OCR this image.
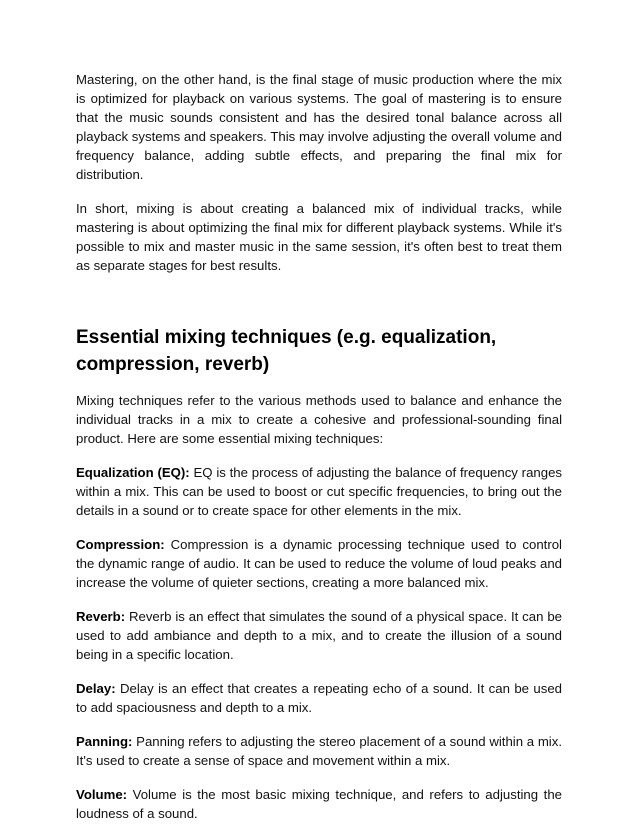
Mastering, on the other hand, is the final stage of music production where the mix is optimized for playback on various systems. The goal of mastering is to ensure that the music sounds consistent and has the desired tonal balance across all playback systems and speakers. This may involve adjusting the overall volume and frequency balance, adding subtle effects, and preparing the final mix for distribution.

In short, mixing is about creating a balanced mix of individual tracks, while mastering is about optimizing the final mix for different playback systems. While it's possible to mix and master music in the same session, it's often best to treat them as separate stages for best results.

Essential mixing techniques (e.g. equalization, compression, reverb)

Mixing techniques refer to the various methods used to balance and enhance the individual tracks in a mix to create a cohesive and professional-sounding final product. Here are some essential mixing techniques:

Equalization (EQ): EQ is the process of adjusting the balance of frequency ranges within a mix. This can be used to boost or cut specific frequencies, to bring out the details in a sound or to create space for other elements in the mix.

Compression: Compression is a dynamic processing technique used to control the dynamic range of audio. It can be used to reduce the volume of loud peaks and increase the volume of quieter sections, creating a more balanced mix.

Reverb: Reverb is an effect that simulates the sound of a physical space. It can be used to add ambiance and depth to a mix, and to create the illusion of a sound being in a specific location.

Delay: Delay is an effect that creates a repeating echo of a sound. It can be used to add spaciousness and depth to a mix.

Panning: Panning refers to adjusting the stereo placement of a sound within a mix. It's used to create a sense of space and movement within a mix.

Volume: Volume is the most basic mixing technique, and refers to adjusting the loudness of a sound.
